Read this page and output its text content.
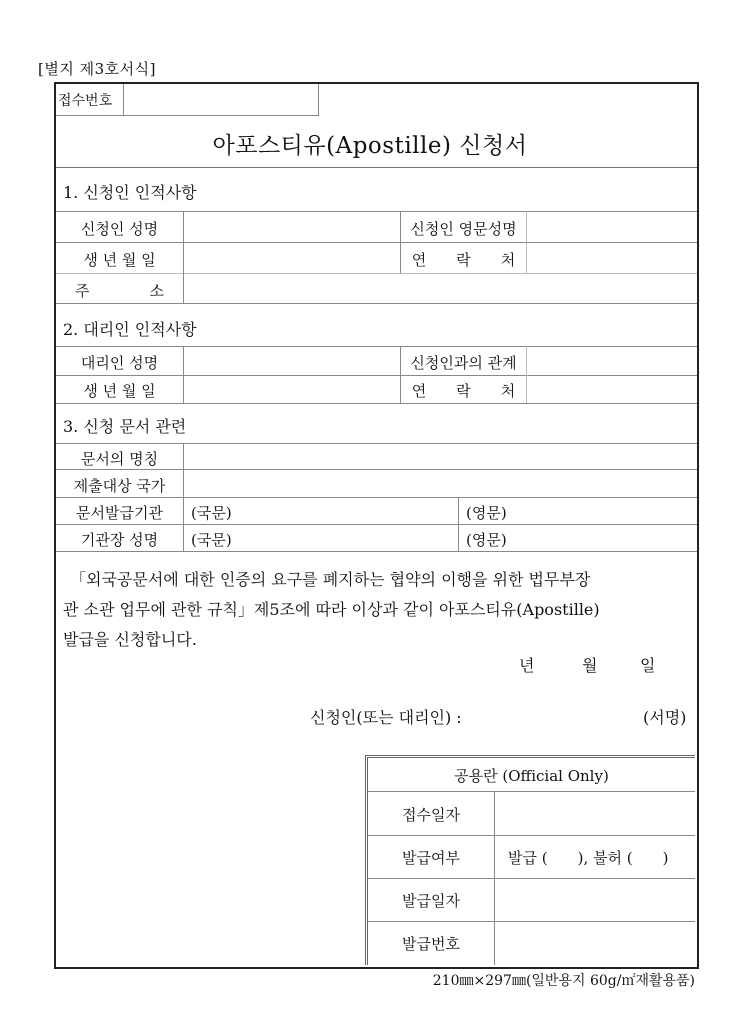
[별지 제3호서식]
접수번호
아포스티유(Apostille) 신청서
1. 신청인 인적사항
신청인 성명	신청인 영문성명
생 년 월 일	연　　락　　처
주　　　　소
2. 대리인 인적사항
대리인 성명	신청인과의 관계
생 년 월 일	연　　락　　처
3. 신청 문서 관련
문서의 명칭
제출대상 국가
문서발급기관	(국문)	(영문)
기관장 성명	(국문)	(영문)
「외국공문서에 대한 인증의 요구를 폐지하는 협약의 이행을 위한 법무부장
관 소관 업무에 관한 규칙」제5조에 따라 이상과 같이 아포스티유(Apostille)
발급을 신청합니다.
년	월	일
신청인(또는 대리인) :	(서명)
공용란 (Official Only)
접수일자
발급여부	발급 (　　), 불허 (　　)
발급일자
발급번호
210㎜×297㎜(일반용지 60g/㎡재활용품)
